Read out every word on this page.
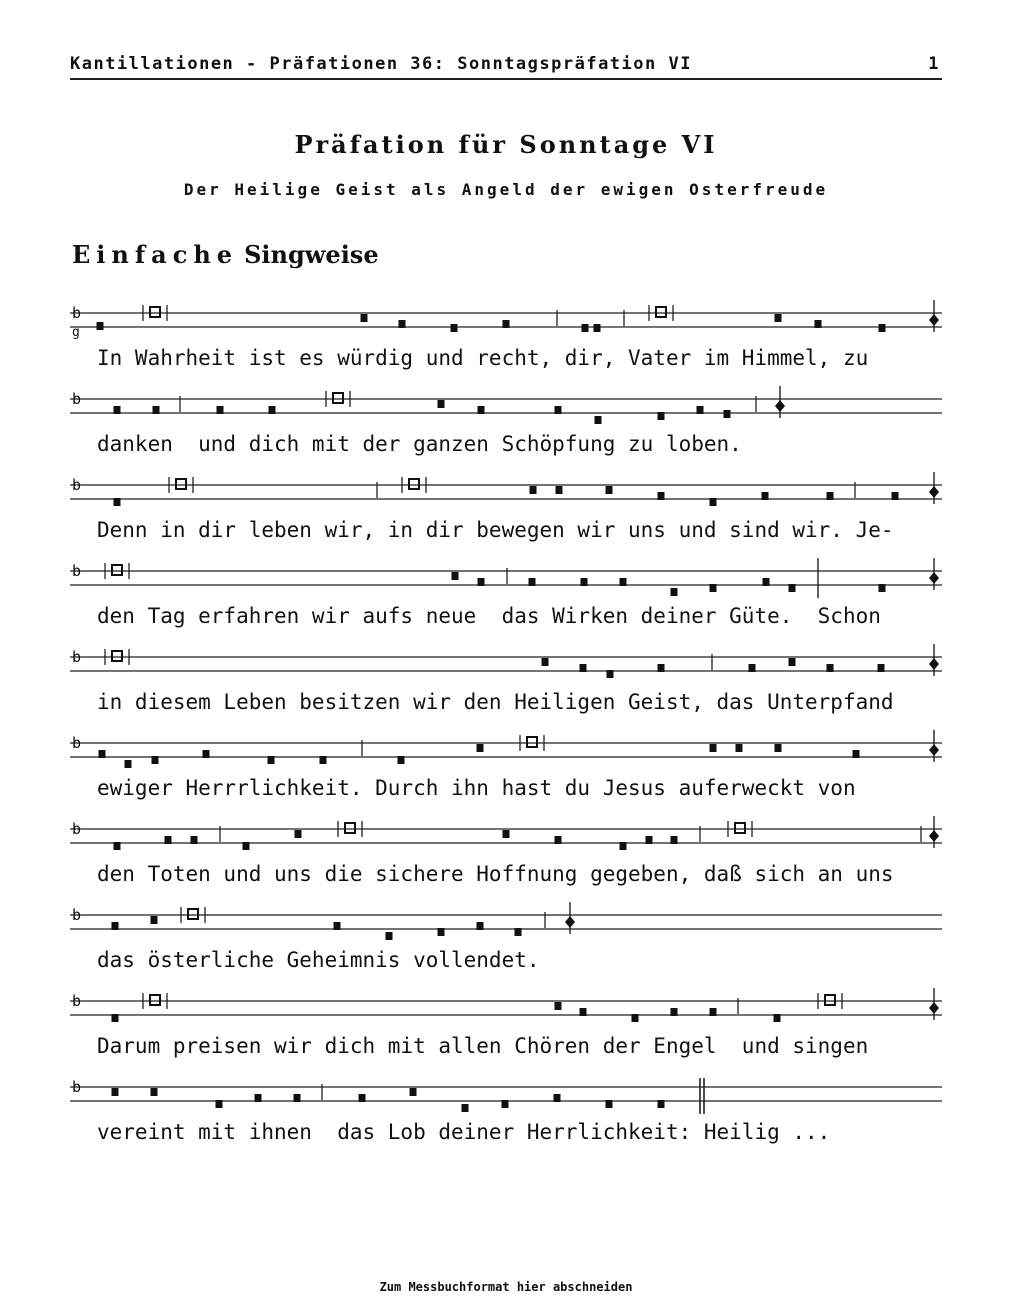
Kantillationen - Präfationen 36: Sonntagspräfation VI	1
Präfation für Sonntage VI
Der Heilige Geist als Angeld der ewigen Osterfreude
Einfache Singweise
b
g
In Wahrheit ist es würdig und recht, dir, Vater im Himmel, zu
b
danken  und dich mit der ganzen Schöpfung zu loben.
b
Denn in dir leben wir, in dir bewegen wir uns und sind wir. Je-
b
den Tag erfahren wir aufs neue  das Wirken deiner Güte.  Schon
b
in diesem Leben besitzen wir den Heiligen Geist, das Unterpfand
b
ewiger Herrrlichkeit. Durch ihn hast du Jesus auferweckt von
b
den Toten und uns die sichere Hoffnung gegeben, daß sich an uns
b
das österliche Geheimnis vollendet.
b
Darum preisen wir dich mit allen Chören der Engel  und singen
b
vereint mit ihnen  das Lob deiner Herrlichkeit: Heilig ...
Zum Messbuchformat hier abschneiden
